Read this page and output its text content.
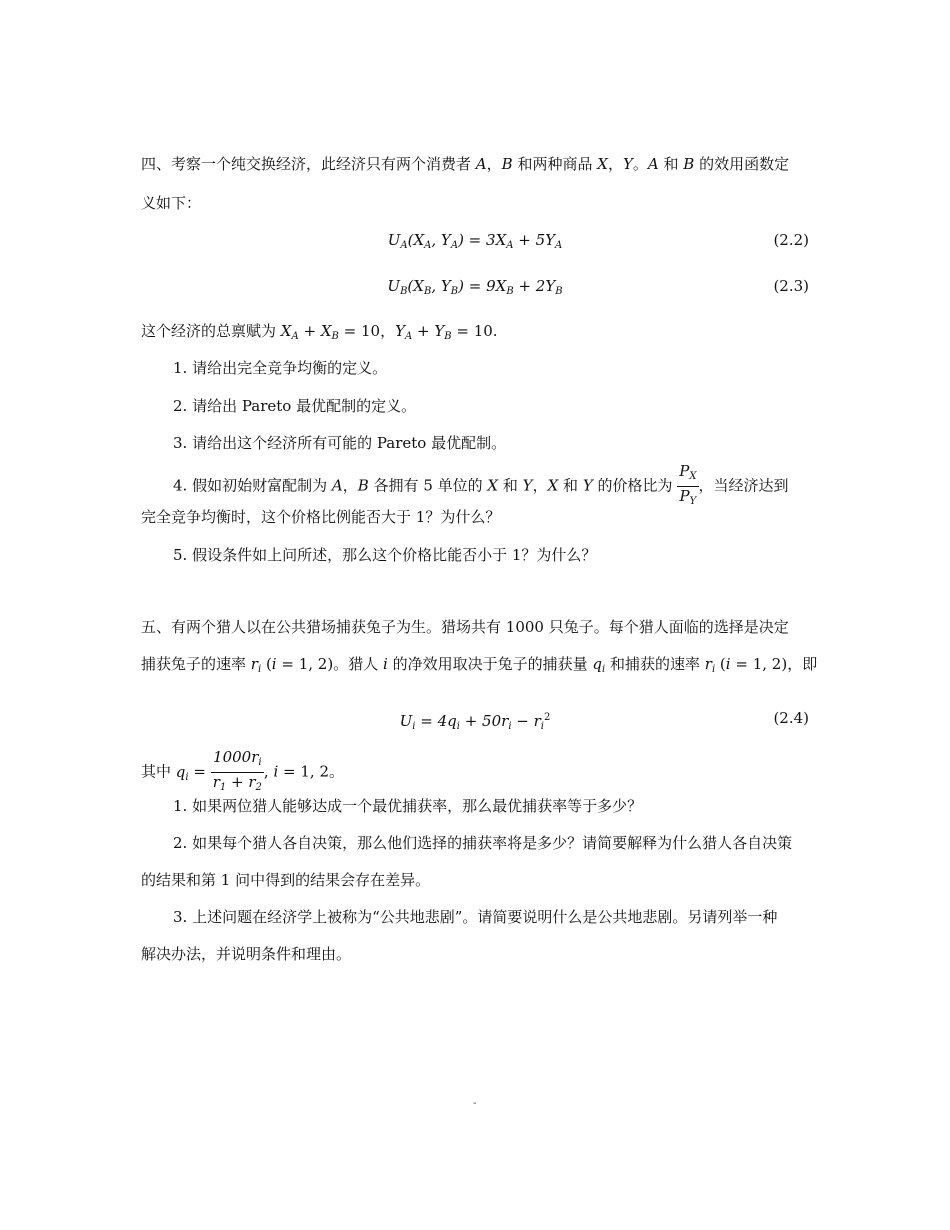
四、考察一个纯交换经济，此经济只有两个消费者 A，B 和两种商品 X，Y。A 和 B 的效用函数定
义如下：
$U_A(X_A$, $Y_A) = 3X_A + 5Y_A$	(2.2)
$U_B(X_B$, $Y_B) = 9X_B + 2Y_B$	(2.3)
这个经济的总禀赋为 $X_A + X_B = 10$，$Y_A + Y_B = 10$.
1. 请给出完全竞争均衡的定义。
2. 请给出 Pareto 最优配制的定义。
3. 请给出这个经济所有可能的 Pareto 最优配制。
4. 假如初始财富配制为 A，B 各拥有 5 单位的 X 和 Y，X 和 Y 的价格比为 $\frac{P_X}{P_Y}$ ，当经济达到
完全竞争均衡时，这个价格比例能否大于 1？为什么？
5. 假设条件如上问所述，那么这个价格比能否小于 1？为什么？
五、有两个猎人以在公共猎场捕获兔子为生。猎场共有 1000 只兔子。每个猎人面临的选择是决定
捕获兔子的速率 $r_i$ (i = 1, 2)。猎人 i 的净效用取决于兔子的捕获量 $q_i$ 和捕获的速率 $r_i$ (i = 1, 2)，即
$U_i = 4q_i + 50r_i - r_i^2$	(2.4)
其中 $q_i = \frac{1000r_i}{r_1 + r_2}$ , i = 1, 2。
1. 如果两位猎人能够达成一个最优捕获率，那么最优捕获率等于多少？
2. 如果每个猎人各自决策，那么他们选择的捕获率将是多少？请简要解释为什么猎人各自决策
的结果和第 1 问中得到的结果会存在差异。
3. 上述问题在经济学上被称为“公共地悲剧”。请简要说明什么是公共地悲剧。另请列举一种
解决办法，并说明条件和理由。
-
